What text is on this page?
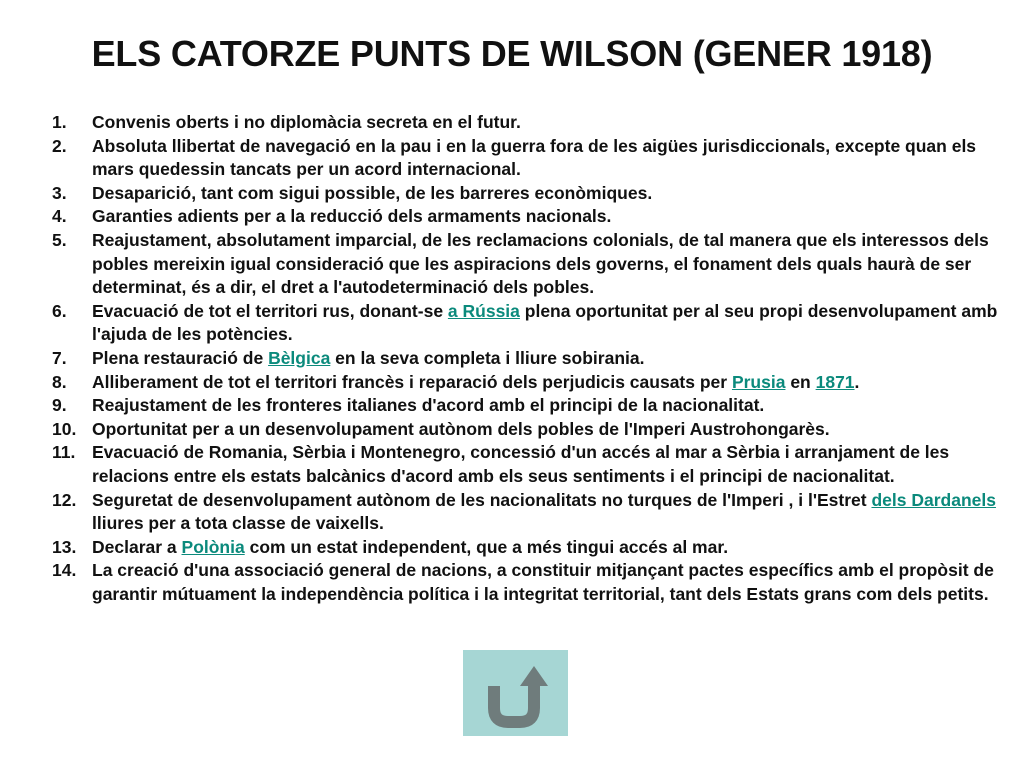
ELS CATORZE PUNTS DE WILSON (GENER 1918)
1.	Convenis oberts i no diplomàcia secreta en el futur.
2.	Absoluta llibertat de navegació en la pau i en la guerra fora de les aigües jurisdiccionals, excepte quan els mars quedessin tancats per un acord internacional.
3.	Desaparició, tant com sigui possible, de les barreres econòmiques.
4.	Garanties adients per a la reducció dels armaments nacionals.
5.	Reajustament, absolutament imparcial, de les reclamacions colonials, de tal manera que els interessos dels pobles mereixin igual consideració que les aspiracions dels governs, el fonament dels quals haurà de ser determinat, és a dir, el dret a l'autodeterminació dels pobles.
6.	Evacuació de tot el territori rus, donant-se a Rússia plena oportunitat per al seu propi desenvolupament amb l'ajuda de les potències.
7.	Plena restauració de Bèlgica en la seva completa i lliure sobirania.
8.	Alliberament de tot el territori francès i reparació dels perjudicis causats per Prusia en 1871.
9.	Reajustament de les fronteres italianes d'acord amb el principi de la nacionalitat.
10. Oportunitat per a un desenvolupament autònom dels pobles de l'Imperi Austrohongarès.
11. Evacuació de Romania, Sèrbia i Montenegro, concessió d'un accés al mar a Sèrbia i arranjament de les relacions entre els estats balcànics d'acord amb els seus sentiments i el principi de nacionalitat.
12. Seguretat de desenvolupament autònom de les nacionalitats no turques de l'Imperi , i l'Estret dels Dardanels lliures per a tota classe de vaixells.
13. Declarar a Polònia com un estat independent, que a més tingui accés al mar.
14. La creació d'una associació general de nacions, a constituir mitjançant pactes específics amb el propòsit de garantir mútuament la independència política i la integritat territorial, tant dels Estats grans com dels petits.
